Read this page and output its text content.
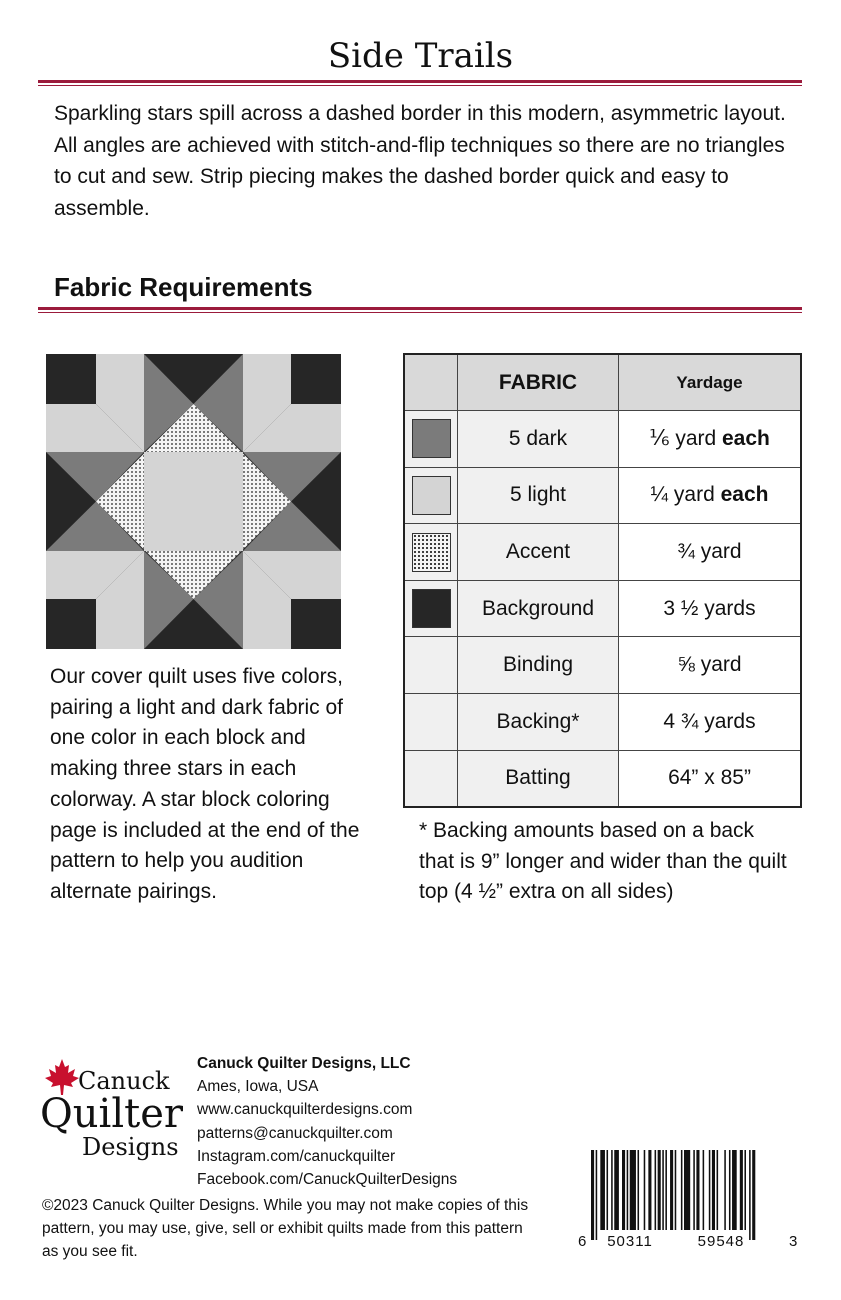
Side Trails
Sparkling stars spill across a dashed border in this modern, asymmetric layout. All angles are achieved with stitch-and-flip techniques so there are no triangles to cut and sew. Strip piecing makes the dashed border quick and easy to assemble.
Fabric Requirements
Our cover quilt uses five colors, pairing a light and dark fabric of one color in each block and making three stars in each colorway. A star block coloring page is included at the end of the pattern to help you audition alternate pairings.
	FABRIC	Yardage

	5 dark	⅙ yard each

	5 light	¼ yard each

	Accent	¾ yard

	Background	3 ½ yards
	Binding	⅝ yard
	Backing*	4 ¾ yards
	Batting	64” x 85”
* Backing amounts based on a back that is 9” longer and wider than the quilt top (4 ½” extra on all sides)
Canuck
Quilter
Designs
Canuck Quilter Designs, LLC
Ames, Iowa, USA
www.canuckquilterdesigns.com
patterns@canuckquilter.com
Instagram.com/canuckquilter
Facebook.com/CanuckQuilterDesigns
©2023 Canuck Quilter Designs. While you may not make copies of this pattern, you may use, give, sell or exhibit quilts made from this pattern as you see fit.
6 50311	59548	3
